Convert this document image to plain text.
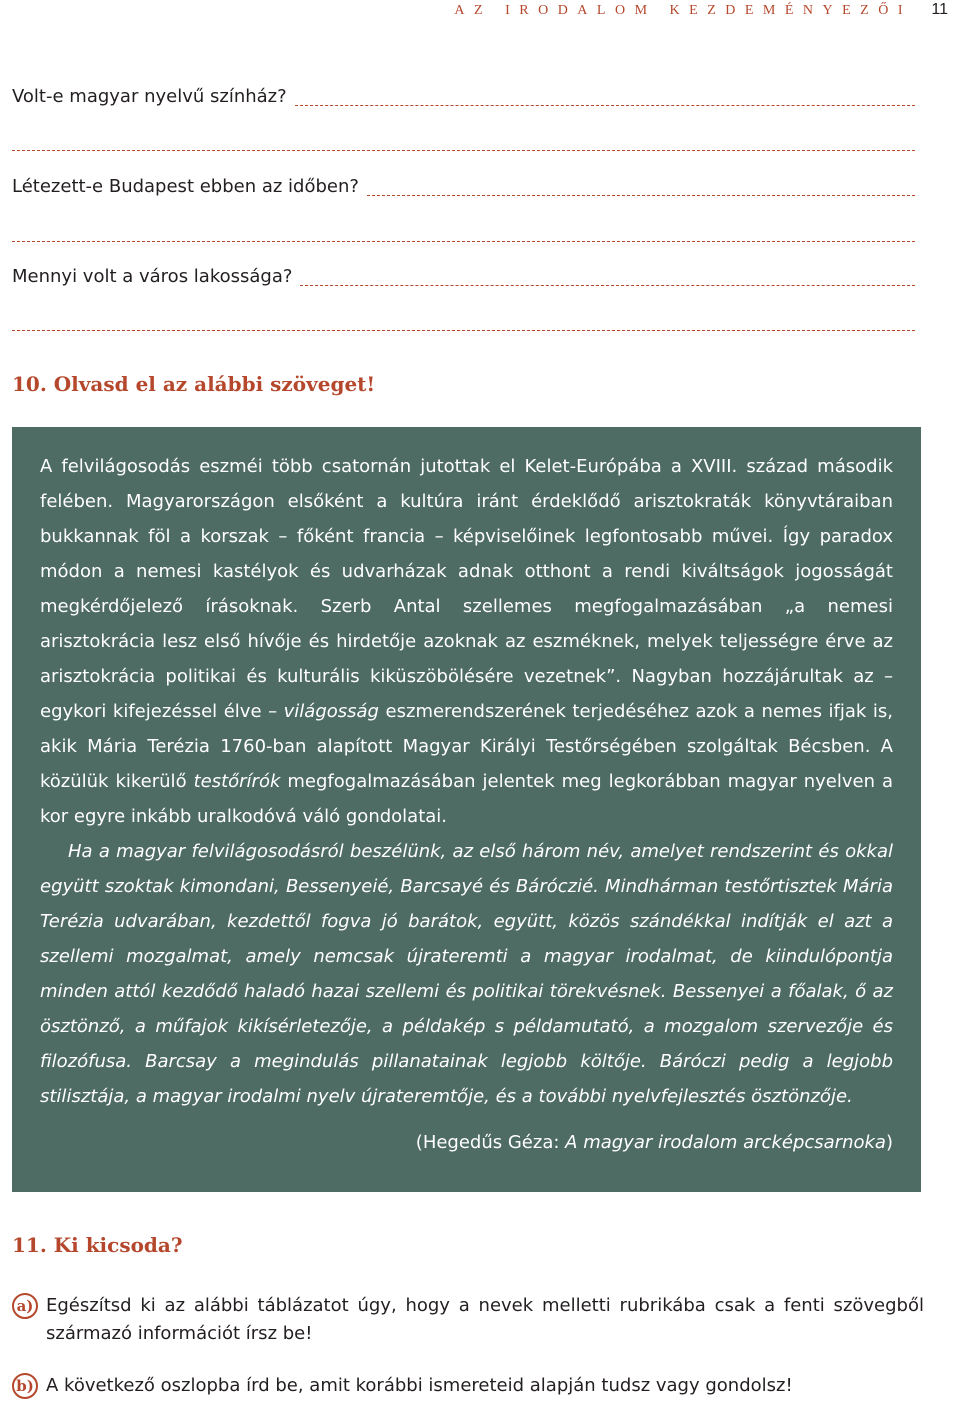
AZ IRODALOM KEZDEMÉNYEZŐI 11
Volt-e magyar nyelvű színház?
Létezett-e Budapest ebben az időben?
Mennyi volt a város lakossága?
10. Olvasd el az alábbi szöveget!

A felvilágosodás eszméi több csatornán jutottak el Kelet-Európába a XVIII. század második felében. Magyarországon elsőként a kultúra iránt érdeklődő arisztokraták könyvtáraiban bukkannak föl a korszak – főként francia – képviselőinek legfontosabb művei. Így paradox módon a nemesi kastélyok és udvarházak adnak otthont a rendi kiváltságok jogosságát megkérdőjelező írásoknak. Szerb Antal szellemes megfogalmazásában „a nemesi arisztokrácia lesz első hívője és hirdetője azoknak az eszméknek, melyek teljességre érve az arisztokrácia politikai és kulturális kiküszöbölésére vezetnek”. Nagyban hozzájárultak az – egykori kifejezéssel élve – világosság eszmerendszerének terjedéséhez azok a nemes ifjak is, akik Mária Terézia 1760-ban alapított Magyar Királyi Testőrségében szolgáltak Bécsben. A közülük kikerülő testőrírók megfogalmazásában jelentek meg legkorábban magyar nyelven a kor egyre inkább uralkodóvá váló gondolatai.

Ha a magyar felvilágosodásról beszélünk, az első három név, amelyet rendszerint és okkal együtt szoktak kimondani, Bessenyeié, Barcsayé és Báróczié. Mindhárman testőrtisztek Mária Terézia udvarában, kezdettől fogva jó barátok, együtt, közös szándékkal indítják el azt a szellemi mozgalmat, amely nemcsak újrateremti a magyar irodalmat, de kiindulópontja minden attól kezdődő haladó hazai szellemi és politikai törekvésnek. Bessenyei a főalak, ő az ösztönző, a műfajok kikísérletezője, a példakép s példamutató, a mozgalom szervezője és filozófusa. Barcsay a megindulás pillanatainak legjobb költője. Báróczi pedig a legjobb stilisztája, a magyar irodalmi nyelv újrateremtője, és a további nyelvfejlesztés ösztönzője.

(Hegedűs Géza: A magyar irodalom arcképcsarnoka)
11. Ki kicsoda?
a) Egészítsd ki az alábbi táblázatot úgy, hogy a nevek melletti rubrikába csak a fenti szövegből származó információt írsz be!
b) A következő oszlopba írd be, amit korábbi ismereteid alapján tudsz vagy gondolsz!
